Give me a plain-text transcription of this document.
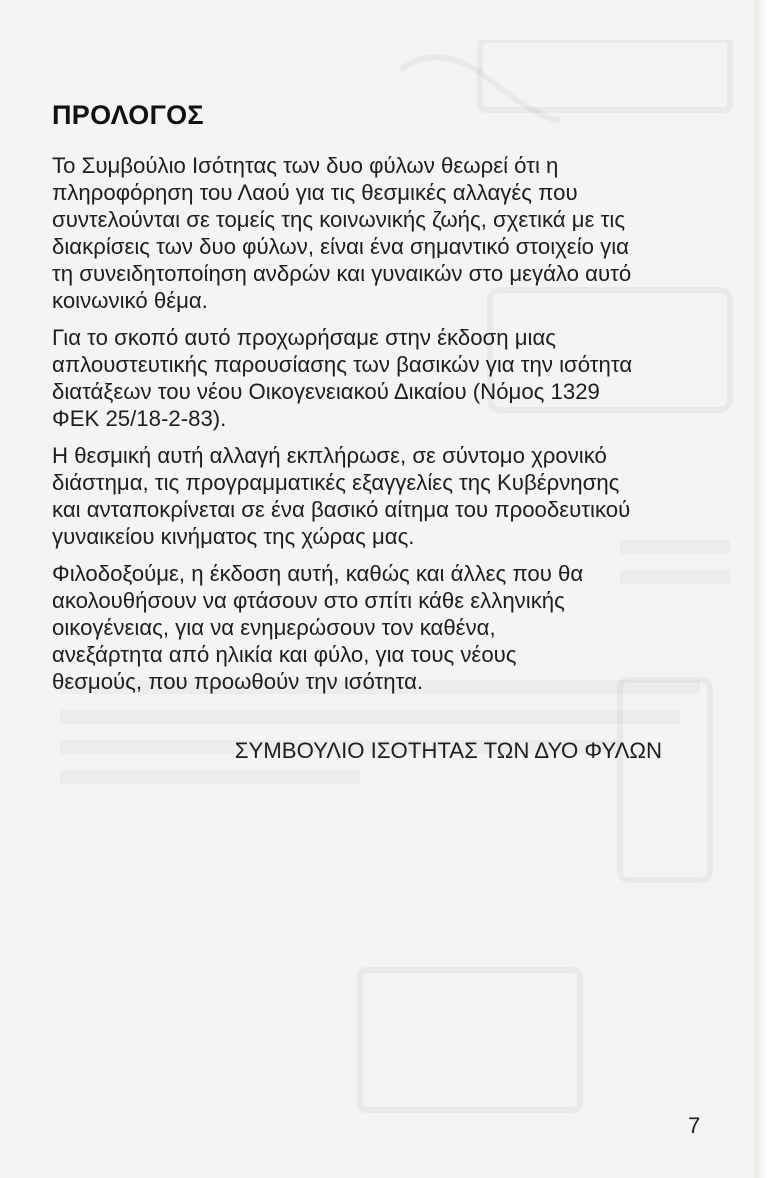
ΠΡΟΛΟΓΟΣ

Το Συμβούλιο Ισότητας των δυο φύλων θεωρεί ότι η
πληροφόρηση του Λαού για τις θεσμικές αλλαγές που
συντελούνται σε τομείς της κοινωνικής ζωής, σχετικά με τις
διακρίσεις των δυο φύλων, είναι ένα σημαντικό στοιχείο για
τη συνειδητοποίηση ανδρών και γυναικών στο μεγάλο αυτό
κοινωνικό θέμα.

Για το σκοπό αυτό προχωρήσαμε στην έκδοση μιας
απλουστευτικής παρουσίασης των βασικών για την ισότητα
διατάξεων του νέου Οικογενειακού Δικαίου (Νόμος 1329
ΦΕΚ 25/18-2-83).

Η θεσμική αυτή αλλαγή εκπλήρωσε, σε σύντομο χρονικό
διάστημα, τις προγραμματικές εξαγγελίες της Κυβέρνησης
και ανταποκρίνεται σε ένα βασικό αίτημα του προοδευτικού
γυναικείου κινήματος της χώρας μας.

Φιλοδοξούμε, η έκδοση αυτή, καθώς και άλλες που θα
ακολουθήσουν να φτάσουν στο σπίτι κάθε ελληνικής
οικογένειας, για να ενημερώσουν τον καθένα,
ανεξάρτητα από ηλικία και φύλο, για τους νέους
θεσμούς, που προωθούν την ισότητα.

ΣΥΜΒΟΥΛΙΟ ΙΣΟΤΗΤΑΣ ΤΩΝ ΔΥΟ ΦΥΛΩΝ
7
